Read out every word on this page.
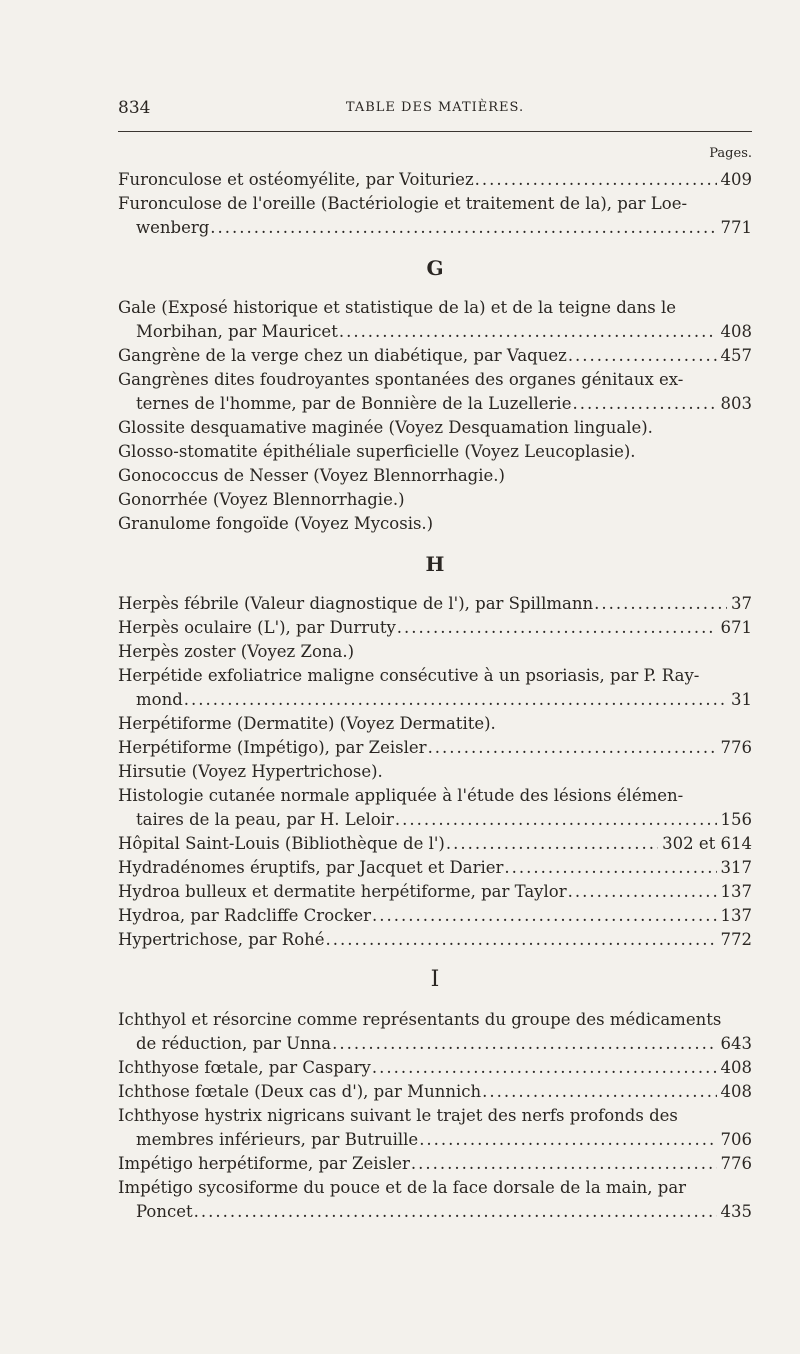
834	TABLE DES MATIÈRES.
Pages.
Furonculose et ostéomyélite, par Voituriez .....	409
Furonculose de l'oreille (Bactériologie et traitement de la), par Loe-
wenberg .....	771
G
Gale (Exposé historique et statistique de la) et de la teigne dans le
Morbihan, par Mauricet .....	408
Gangrène de la verge chez un diabétique, par Vaquez .....	457
Gangrènes dites foudroyantes spontanées des organes génitaux ex-
ternes de l'homme, par de Bonnière de la Luzellerie .....	803
Glossite desquamative maginée (Voyez Desquamation linguale).
Glosso-stomatite épithéliale superficielle (Voyez Leucoplasie).
Gonococcus de Nesser (Voyez Blennorrhagie.)
Gonorrhée (Voyez Blennorrhagie.)
Granulome fongoïde (Voyez Mycosis.)
H
Herpès fébrile (Valeur diagnostique de l'), par Spillmann .....	37
Herpès oculaire (L'), par Durruty .....	671
Herpès zoster (Voyez Zona.)
Herpétide exfoliatrice maligne consécutive à un psoriasis, par P. Ray-
mond .....	31
Herpétiforme (Dermatite) (Voyez Dermatite).
Herpétiforme (Impétigo), par Zeisler .....	776
Hirsutie (Voyez Hypertrichose).
Histologie cutanée normale appliquée à l'étude des lésions élémen-
taires de la peau, par H. Leloir .....	156
Hôpital Saint-Louis (Bibliothèque de l') .....	302 et 614
Hydradénomes éruptifs, par Jacquet et Darier .....	317
Hydroa bulleux et dermatite herpétiforme, par Taylor .....	137
Hydroa, par Radcliffe Crocker .....	137
Hypertrichose, par Rohé .....	772
I
Ichthyol et résorcine comme représentants du groupe des médicaments
de réduction, par Unna .....	643
Ichthyose fœtale, par Caspary .....	408
Ichthose fœtale (Deux cas d'), par Munnich .....	408
Ichthyose hystrix nigricans suivant le trajet des nerfs profonds des
membres inférieurs, par Butruille .....	706
Impétigo herpétiforme, par Zeisler .....	776
Impétigo sycosiforme du pouce et de la face dorsale de la main, par
Poncet .....	435
